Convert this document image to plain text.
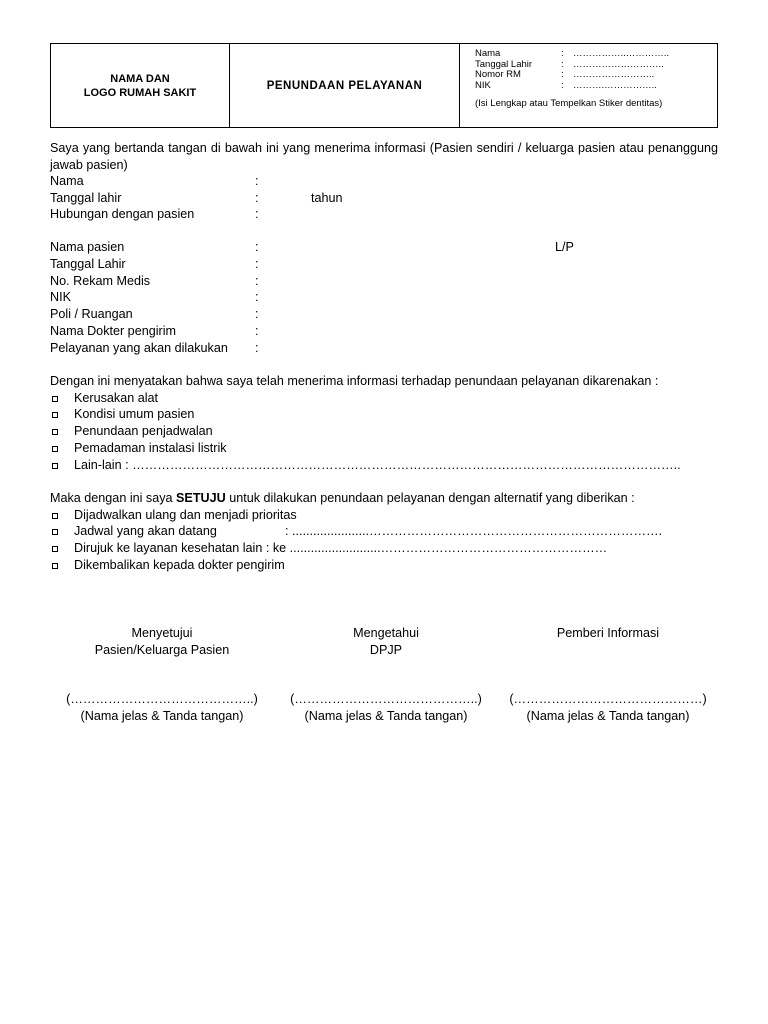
NAMA DAN
LOGO RUMAH SAKIT
PENUNDAAN PELAYANAN
Nama	: ……………..…………..
Tanggal Lahir	: ………………………..
Nomor RM	: ……………………..
NIK	: ……….……………..
(Isi Lengkap atau Tempelkan Stiker dentitas)
Saya yang bertanda tangan di bawah ini yang menerima informasi (Pasien sendiri / keluarga pasien atau penanggung jawab pasien)
Nama	:
Tanggal lahir	:	tahun
Hubungan dengan pasien	:
Nama pasien	:	L/P
Tanggal Lahir	:
No. Rekam Medis	:
NIK	:
Poli / Ruangan	:
Nama Dokter pengirim	:
Pelayanan yang akan dilakukan :
Dengan ini menyatakan bahwa saya telah menerima informasi terhadap penundaan pelayanan dikarenakan :
Kerusakan alat
Kondisi umum pasien
Penundaan penjadwalan
Pemadaman instalasi listrik
Lain-lain : …………………………………………………………………………………………………………………..
Maka dengan ini saya SETUJU untuk dilakukan penundaan pelayanan dengan alternatif yang diberikan :
Dijadwalkan ulang dan menjadi prioritas
Jadwal yang akan datang	: ......................…………………………………………………………….
Dirujuk ke layanan kesehatan lain : ke ..........................………………………………………………
Dikembalikan kepada dokter pengirim
Menyetujui
Pasien/Keluarga Pasien
Mengetahui
DPJP
Pemberi Informasi
(……………………………………..)
(Nama jelas & Tanda tangan)
(……………………………………..)
(Nama jelas & Tanda tangan)
(………………………………………)
(Nama jelas & Tanda tangan)
